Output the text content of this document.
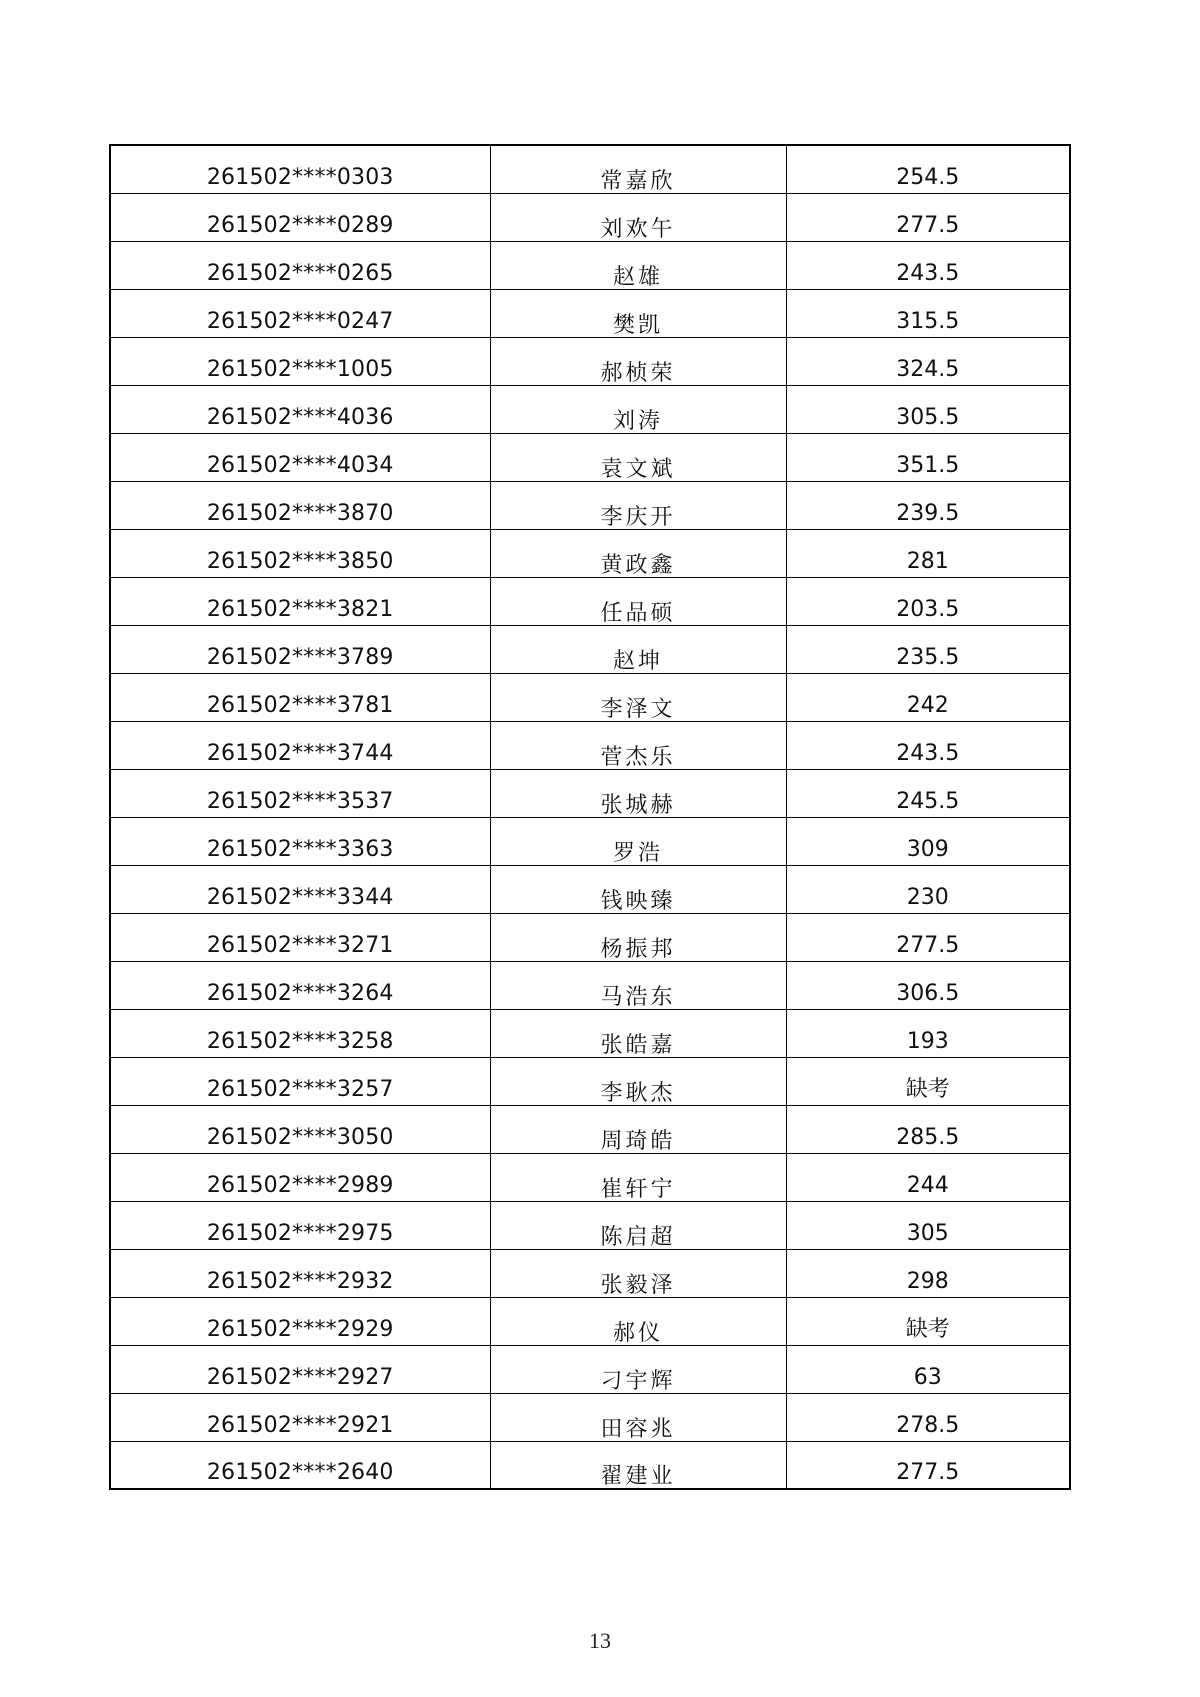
261502****0303	常嘉欣	254.5
261502****0289	刘欢午	277.5
261502****0265	赵雄	243.5
261502****0247	樊凯	315.5
261502****1005	郝桢荣	324.5
261502****4036	刘涛	305.5
261502****4034	袁文斌	351.5
261502****3870	李庆开	239.5
261502****3850	黄政鑫	281
261502****3821	任品硕	203.5
261502****3789	赵坤	235.5
261502****3781	李泽文	242
261502****3744	菅杰乐	243.5
261502****3537	张城赫	245.5
261502****3363	罗浩	309
261502****3344	钱映臻	230
261502****3271	杨振邦	277.5
261502****3264	马浩东	306.5
261502****3258	张皓嘉	193
261502****3257	李耿杰	缺考
261502****3050	周琦皓	285.5
261502****2989	崔轩宁	244
261502****2975	陈启超	305
261502****2932	张毅泽	298
261502****2929	郝仪	缺考
261502****2927	刁宇辉	63
261502****2921	田容兆	278.5
261502****2640	翟建业	277.5
13
